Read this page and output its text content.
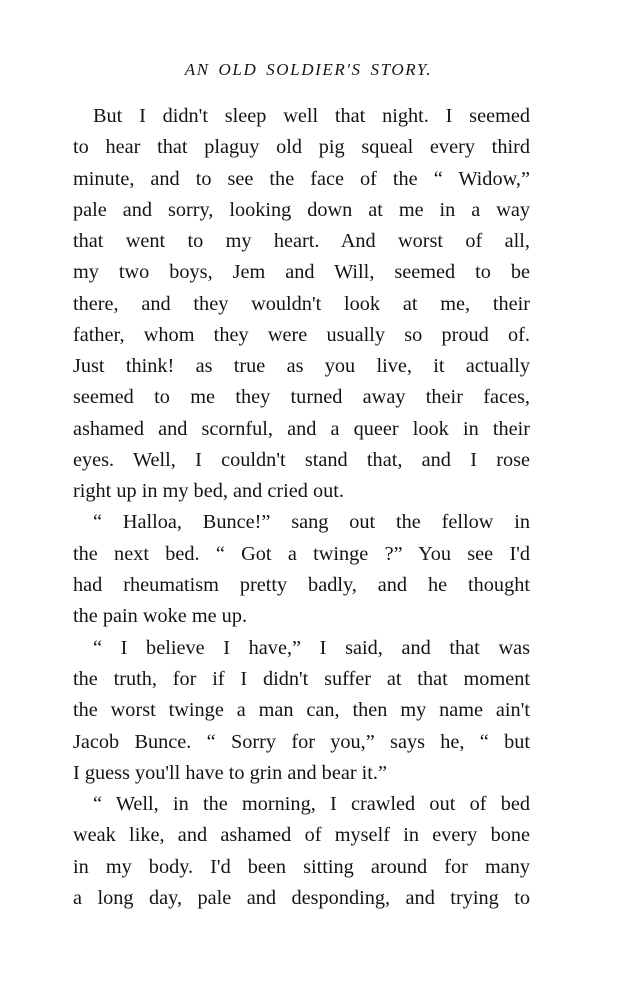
AN OLD SOLDIER'S STORY.
But I didn't sleep well that night. I seemed
to hear that plaguy old pig squeal every third
minute, and to see the face of the “ Widow,”
pale and sorry, looking down at me in a way
that went to my heart. And worst of all,
my two boys, Jem and Will, seemed to be
there, and they wouldn't look at me, their
father, whom they were usually so proud of.
Just think! as true as you live, it actually
seemed to me they turned away their faces,
ashamed and scornful, and a queer look in their
eyes. Well, I couldn't stand that, and I rose
right up in my bed, and cried out.
“ Halloa, Bunce!” sang out the fellow in
the next bed. “ Got a twinge ?” You see I'd
had rheumatism pretty badly, and he thought
the pain woke me up.
“ I believe I have,” I said, and that was
the truth, for if I didn't suffer at that moment
the worst twinge a man can, then my name ain't
Jacob Bunce. “ Sorry for you,” says he, “ but
I guess you'll have to grin and bear it.”
“ Well, in the morning, I crawled out of bed
weak like, and ashamed of myself in every bone
in my body. I'd been sitting around for many
a long day, pale and desponding, and trying to
